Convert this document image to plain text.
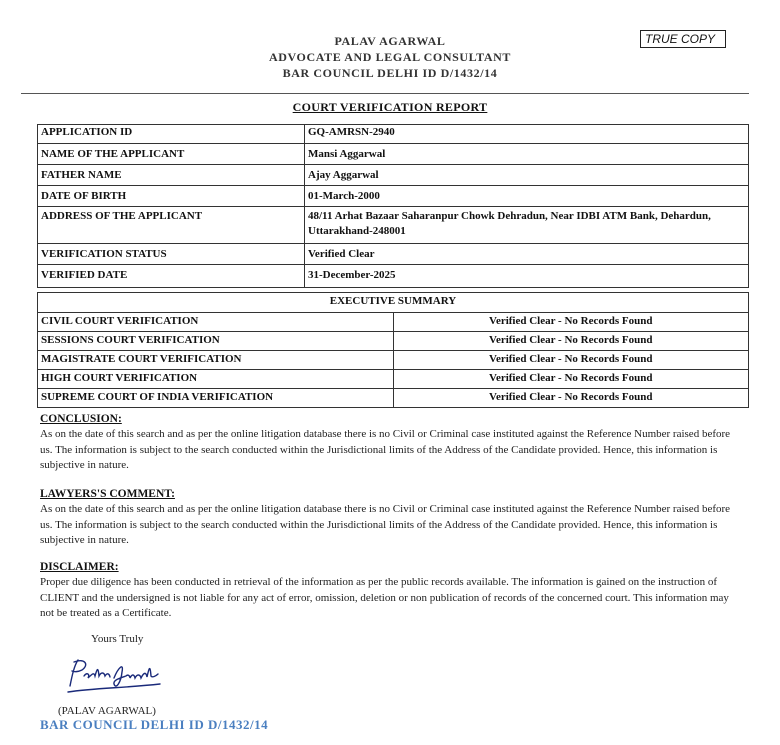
PALAV AGARWAL
ADVOCATE AND LEGAL CONSULTANT
BAR COUNCIL DELHI ID D/1432/14
TRUE COPY
COURT VERIFICATION REPORT
APPLICATION ID	GQ-AMRSN-2940
NAME OF THE APPLICANT	Mansi Aggarwal
FATHER NAME	Ajay Aggarwal
DATE OF BIRTH	01-March-2000
ADDRESS OF THE APPLICANT	48/11 Arhat Bazaar Saharanpur Chowk Dehradun, Near IDBI ATM Bank, Dehardun, Uttarakhand-248001
VERIFICATION STATUS	Verified Clear
VERIFIED DATE	31-December-2025
EXECUTIVE SUMMARY	
CIVIL COURT VERIFICATION	Verified Clear - No Records Found
SESSIONS COURT VERIFICATION	Verified Clear - No Records Found
MAGISTRATE COURT VERIFICATION	Verified Clear - No Records Found
HIGH COURT VERIFICATION	Verified Clear - No Records Found
SUPREME COURT OF INDIA VERIFICATION	Verified Clear - No Records Found
CONCLUSION:
As on the date of this search and as per the online litigation database there is no Civil or Criminal case instituted against the Reference Number raised before us. The information is subject to the search conducted within the Jurisdictional limits of the Address of the Candidate provided. Hence, this information is subjective in nature.
LAWYERS'S COMMENT:
As on the date of this search and as per the online litigation database there is no Civil or Criminal case instituted against the Reference Number raised before us. The information is subject to the search conducted within the Jurisdictional limits of the Address of the Candidate provided. Hence, this information is subjective in nature.
DISCLAIMER:
Proper due diligence has been conducted in retrieval of the information as per the public records available. The information is gained on the instruction of CLIENT and the undersigned is not liable for any act of error, omission, deletion or non publication of records of the concerned court. This information may not be treated as a Certificate.
Yours Truly
(PALAV AGARWAL)
BAR COUNCIL DELHI ID D/1432/14
